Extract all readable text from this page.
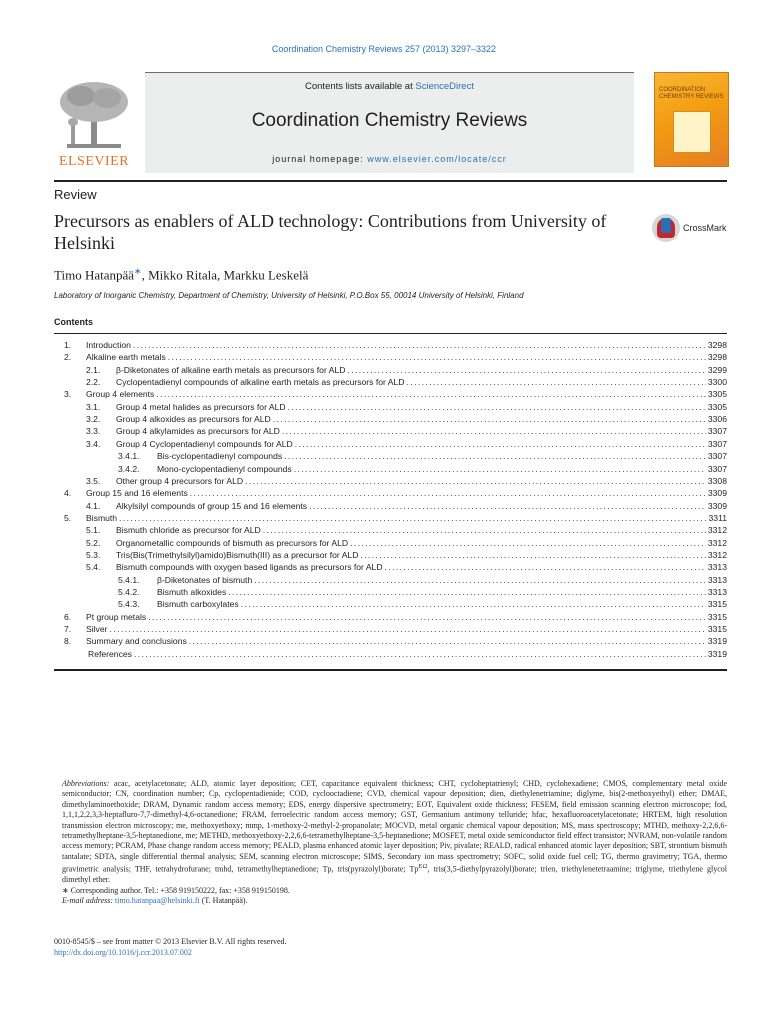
Coordination Chemistry Reviews 257 (2013) 3297–3322
ELSEVIER
Contents lists available at ScienceDirect
Coordination Chemistry Reviews
journal homepage: www.elsevier.com/locate/ccr
COORDINATION CHEMISTRY REVIEWS
Review
Precursors as enablers of ALD technology: Contributions from University of Helsinki
CrossMark
Timo Hatanpää∗, Mikko Ritala, Markku Leskelä
Laboratory of Inorganic Chemistry, Department of Chemistry, University of Helsinki, P.O.Box 55, 00014 University of Helsinki, Finland
Contents
1.	Introduction . . .	3298
2.	Alkaline earth metals . . .	3298
2.1.	β-Diketonates of alkaline earth metals as precursors for ALD . . .	3299
2.2.	Cyclopentadienyl compounds of alkaline earth metals as precursors for ALD . . .	3300
3.	Group 4 elements . . .	3305
3.1.	Group 4 metal halides as precursors for ALD . . .	3305
3.2.	Group 4 alkoxides as precursors for ALD . . .	3306
3.3.	Group 4 alkylamides as precursors for ALD . . .	3307
3.4.	Group 4 Cyclopentadienyl compounds for ALD . . .	3307
3.4.1.	Bis-cyclopentadienyl compounds . . .	3307
3.4.2.	Mono-cyclopentadienyl compounds . . .	3307
3.5.	Other group 4 precursors for ALD . . .	3308
4.	Group 15 and 16 elements . . .	3309
4.1.	Alkylsilyl compounds of group 15 and 16 elements . . .	3309
5.	Bismuth . . .	3311
5.1.	Bismuth chloride as precursor for ALD . . .	3312
5.2.	Organometallic compounds of bismuth as precursors for ALD . . .	3312
5.3.	Tris(Bis(Trimethylsilyl)amido)Bismuth(III) as a precursor for ALD . . .	3312
5.4.	Bismuth compounds with oxygen based ligands as precursors for ALD . . .	3313
5.4.1.	β-Diketonates of bismuth . . .	3313
5.4.2.	Bismuth alkoxides . . .	3313
5.4.3.	Bismuth carboxylates . . .	3315
6.	Pt group metals . . .	3315
7.	Silver . . .	3315
8.	Summary and conclusions . . .	3319
References . . .	3319

Abbreviations: acac, acetylacetonate; ALD, atomic layer deposition; CET, capacitance equivalent thickness; CHT, cycloheptatrienyl; CHD, cyclohexadiene; CMOS, complementary metal oxide semiconductor; CN, coordination number; Cp, cyclopentadienide; COD, cyclooctadiene; CVD, chemical vapour deposition; dien, diethylenetriamine; diglyme, bis(2-methoxyethyl) ether; DMAE, dimethylaminoethoxide; DRAM, Dynamic random access memory; EDS, energy dispersive spectrometry; EOT, Equivalent oxide thickness; FESEM, field emission scanning electron microscope; fod, 1,1,1,2,2,3,3-heptafluro-7,7-dimethyl-4,6-octanedione; FRAM, ferroelectric random access memory; GST, Germanium antimony telluride; hfac, hexafluoroacetylacetonate; HRTEM, high resolution transmission electron microscopy; me, methoxyethoxy; mmp, 1-methoxy-2-methyl-2-propanolate; MOCVD, metal organic chemical vapour deposition; MS, mass spectroscopy; MTHD, methoxy-2,2,6,6-tetramethylheptane-3,5-heptanedione, me; METHD, methoxyethoxy-2,2,6,6-tetramethylheptane-3,5-heptanedione; MOSFET, metal oxide semiconductor field effect transistor; NVRAM, non-volatile random access memory; PCRAM, Phase change random access memory; PEALD, plasma enhanced atomic layer deposition; Piv, pivalate; REALD, radical enhanced atomic layer deposition; SBT, strontium bismuth tantalate; SDTA, single differential thermal analysis; SEM, scanning electron microscope; SIMS, Secondary ion mass spectrometry; SOFC, solid oxide fuel cell; TG, thermo gravimetry; TGA, thermo gravimetric analysis; THF, tetrahydrofurane; tmhd, tetramethylheptanedione; Tp, tris(pyrazolyl)borate; $Tp^{Et2}$, tris(3,5-diethylpyrazolyl)borate; trien, triethylenetetraamine; triglyme, triethylene glycol dimethyl ether.

∗ Corresponding author. Tel.: +358 919150222, fax: +358 919150198.

E-mail address: timo.hatanpaa@helsinki.fi (T. Hatanpää).

0010-8545/$ – see front matter © 2013 Elsevier B.V. All rights reserved.
http://dx.doi.org/10.1016/j.ccr.2013.07.002
